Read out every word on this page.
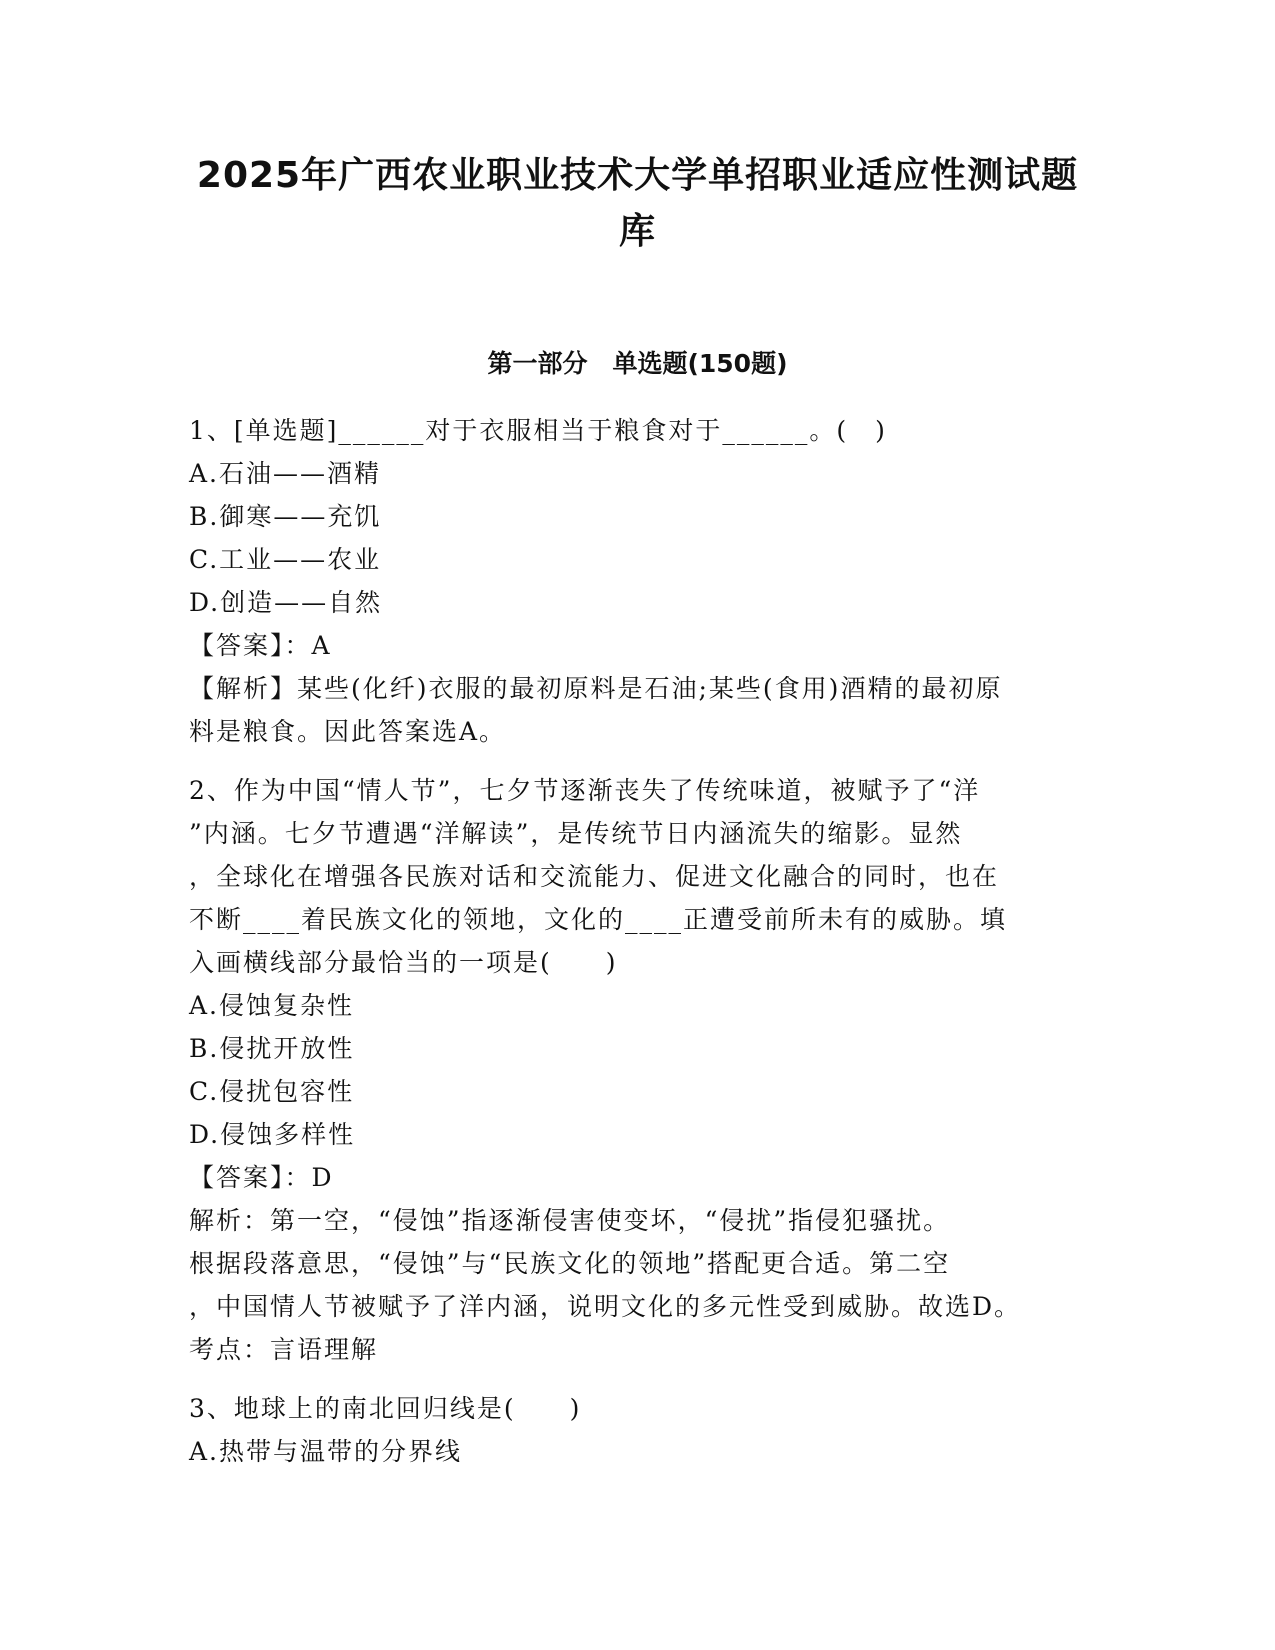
2025年广西农业职业技术大学单招职业适应性测试题
库
第一部分　单选题(150题)
1、[单选题]______对于衣服相当于粮食对于______。(　)
A.石油——酒精
B.御寒——充饥
C.工业——农业
D.创造——自然
【答案】：A
【解析】某些(化纤)衣服的最初原料是石油;某些(食用)酒精的最初原
料是粮食。因此答案选A。
2、作为中国“情人节”，七夕节逐渐丧失了传统味道，被赋予了“洋
”内涵。七夕节遭遇“洋解读”，是传统节日内涵流失的缩影。显然
，全球化在增强各民族对话和交流能力、促进文化融合的同时，也在
不断____着民族文化的领地，文化的____正遭受前所未有的威胁。填
入画横线部分最恰当的一项是(　　)
A.侵蚀复杂性
B.侵扰开放性
C.侵扰包容性
D.侵蚀多样性
【答案】：D
解析：第一空，“侵蚀”指逐渐侵害使变坏，“侵扰”指侵犯骚扰。
根据段落意思，“侵蚀”与“民族文化的领地”搭配更合适。第二空
，中国情人节被赋予了洋内涵，说明文化的多元性受到威胁。故选D。
考点：言语理解
3、地球上的南北回归线是(　　)
A.热带与温带的分界线
